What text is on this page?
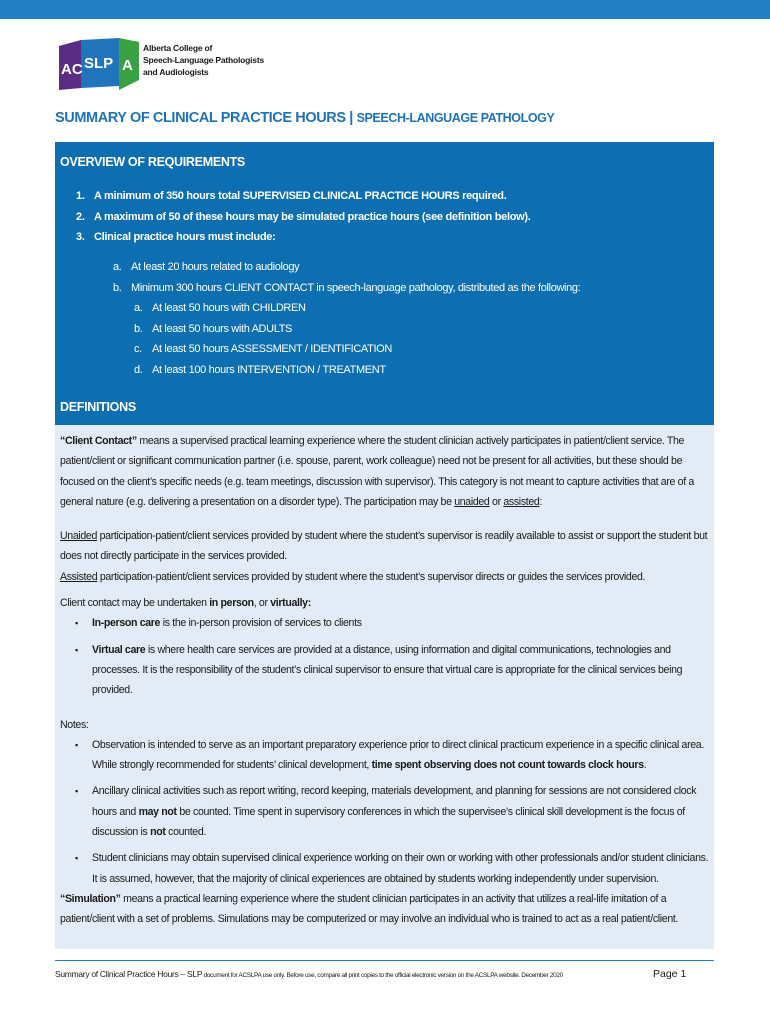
AC SLP A
Alberta College of
Speech-Language Pathologists
and Audiologists
SUMMARY OF CLINICAL PRACTICE HOURS | SPEECH-LANGUAGE PATHOLOGY
OVERVIEW OF REQUIREMENTS
1. A minimum of 350 hours total SUPERVISED CLINICAL PRACTICE HOURS required.
2. A maximum of 50 of these hours may be simulated practice hours (see definition below).
3. Clinical practice hours must include:
a. At least 20 hours related to audiology
b. Minimum 300 hours CLIENT CONTACT in speech-language pathology, distributed as the following:
a. At least 50 hours with CHILDREN
b. At least 50 hours with ADULTS
c. At least 50 hours ASSESSMENT / IDENTIFICATION
d. At least 100 hours INTERVENTION / TREATMENT
DEFINITIONS

“Client Contact” means a supervised practical learning experience where the student clinician actively participates in patient/client service. The patient/client or significant communication partner (i.e. spouse, parent, work colleague) need not be present for all activities, but these should be focused on the client’s specific needs (e.g. team meetings, discussion with supervisor). This category is not meant to capture activities that are of a general nature (e.g. delivering a presentation on a disorder type). The participation may be unaided or assisted:

Unaided participation-patient/client services provided by student where the student’s supervisor is readily available to assist or support the student but does not directly participate in the services provided.

Assisted participation-patient/client services provided by student where the student’s supervisor directs or guides the services provided.

Client contact may be undertaken in person, or virtually:

▪ In-person care is the in-person provision of services to clients

▪ Virtual care is where health care services are provided at a distance, using information and digital communications, technologies and processes. It is the responsibility of the student’s clinical supervisor to ensure that virtual care is appropriate for the clinical services being provided.

Notes:

▪ Observation is intended to serve as an important preparatory experience prior to direct clinical practicum experience in a specific clinical area. While strongly recommended for students’ clinical development, time spent observing does not count towards clock hours.

▪ Ancillary clinical activities such as report writing, record keeping, materials development, and planning for sessions are not considered clock hours and may not be counted. Time spent in supervisory conferences in which the supervisee’s clinical skill development is the focus of discussion is not counted.

▪ Student clinicians may obtain supervised clinical experience working on their own or working with other professionals and/or student clinicians. It is assumed, however, that the majority of clinical experiences are obtained by students working independently under supervision.

“Simulation” means a practical learning experience where the student clinician participates in an activity that utilizes a real-life imitation of a patient/client with a set of problems. Simulations may be computerized or may involve an individual who is trained to act as a real patient/client.

Summary of Clinical Practice Hours – SLP document for ACSLPA use only. Before use, compare all print copies to the official electronic version on the ACSLPA website. December 2020	Page 1
